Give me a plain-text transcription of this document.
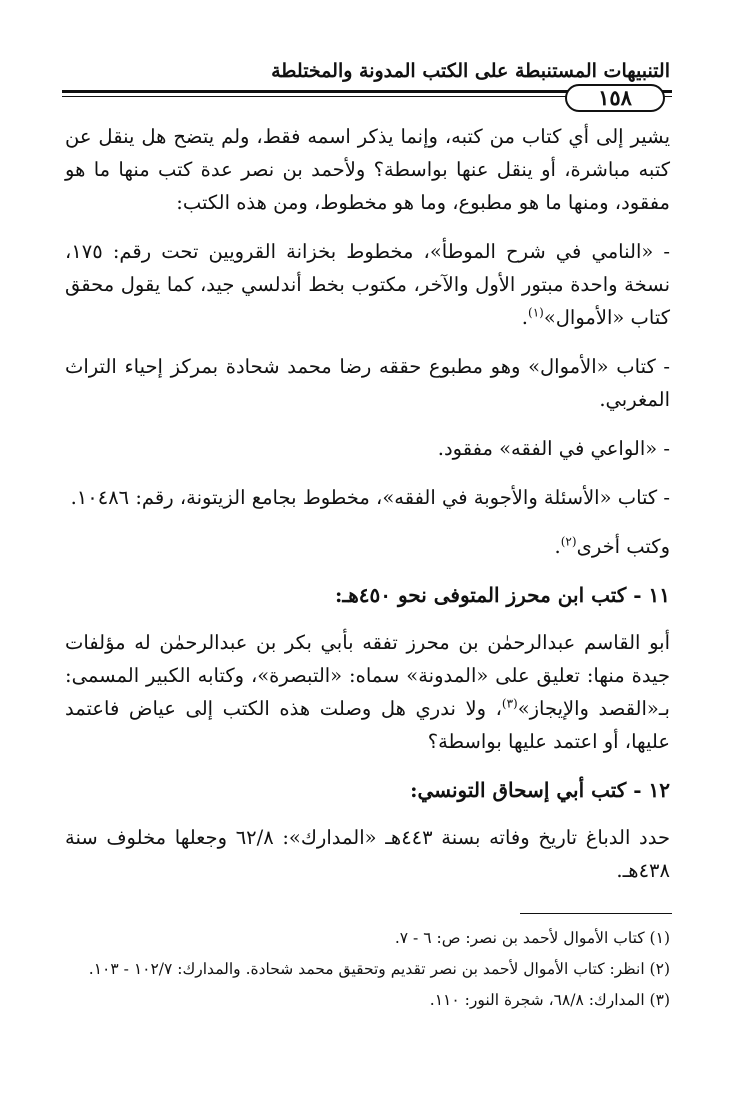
التنبيهات المستنبطة على الكتب المدونة والمختلطة
١٥٨

يشير إلى أي كتاب من كتبه، وإنما يذكر اسمه فقط، ولم يتضح هل ينقل عن كتبه مباشرة، أو ينقل عنها بواسطة؟ ولأحمد بن نصر عدة كتب منها ما هو مفقود، ومنها ما هو مطبوع، وما هو مخطوط، ومن هذه الكتب:

- «النامي في شرح الموطأ»، مخطوط بخزانة القرويين تحت رقم: ١٧٥، نسخة واحدة مبتور الأول والآخر، مكتوب بخط أندلسي جيد، كما يقول محقق كتاب «الأموال»$^{(١)}$.

- كتاب «الأموال» وهو مطبوع حققه رضا محمد شحادة بمركز إحياء التراث المغربي.

- «الواعي في الفقه» مفقود.

- كتاب «الأسئلة والأجوبة في الفقه»، مخطوط بجامع الزيتونة، رقم: ١٠٤٨٦.

وكتب أخرى$^{(٢)}$.

١١ - كتب ابن محرز المتوفى نحو ٤٥٠هـ:

أبو القاسم عبدالرحمٰن بن محرز تفقه بأبي بكر بن عبدالرحمٰن له مؤلفات جيدة منها: تعليق على «المدونة» سماه: «التبصرة»، وكتابه الكبير المسمى: بـ«القصد والإيجاز»$^{(٣)}$، ولا ندري هل وصلت هذه الكتب إلى عياض فاعتمد عليها، أو اعتمد عليها بواسطة؟

١٢ - كتب أبي إسحاق التونسي:

حدد الدباغ تاريخ وفاته بسنة ٤٤٣هـ «المدارك»: ٦٢/٨ وجعلها مخلوف سنة ٤٣٨هـ.

(١) كتاب الأموال لأحمد بن نصر: ص: ٦ - ٧.
(٢) انظر: كتاب الأموال لأحمد بن نصر تقديم وتحقيق محمد شحادة. والمدارك: ١٠٢/٧ - ١٠٣.
(٣) المدارك: ٦٨/٨، شجرة النور: ١١٠.
